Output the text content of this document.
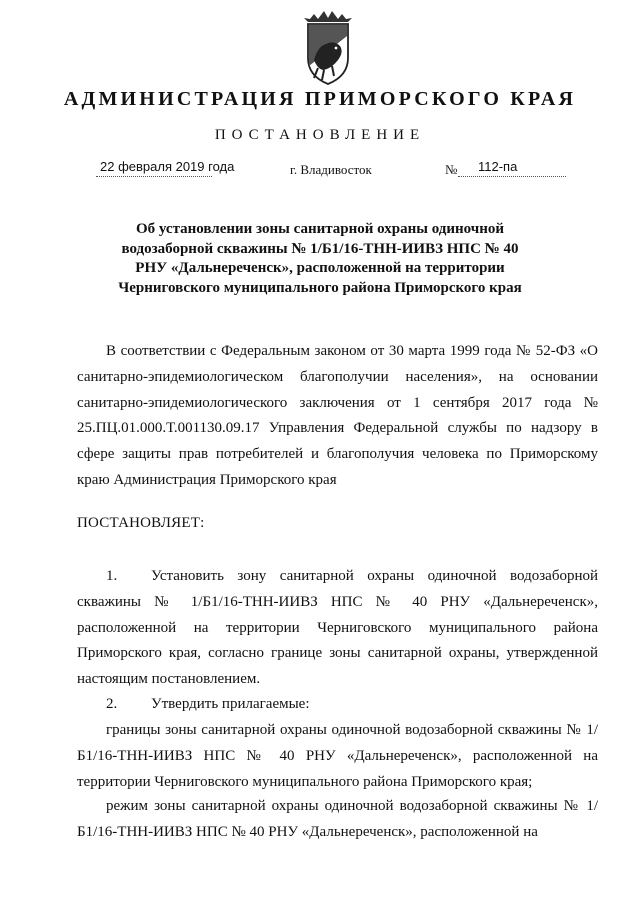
АДМИНИСТРАЦИЯ ПРИМОРСКОГО КРАЯ
ПОСТАНОВЛЕНИЕ
22 февраля 2019 года	г. Владивосток	№ 112-па
Об установлении зоны санитарной охраны одиночной водозаборной скважины № 1/Б1/16-ТНН-ИИВЗ НПС № 40 РНУ «Дальнереченск», расположенной на территории Черниговского муниципального района Приморского края
В соответствии с Федеральным законом от 30 марта 1999 года № 52-ФЗ «О санитарно-эпидемиологическом благополучии населения», на основании санитарно-эпидемиологического заключения от 1 сентября 2017 года № 25.ПЦ.01.000.Т.001130.09.17 Управления Федеральной службы по надзору в сфере защиты прав потребителей и благополучия человека по Приморскому краю Администрация Приморского края
ПОСТАНОВЛЯЕТ:
1. Установить зону санитарной охраны одиночной водозаборной скважины № 1/Б1/16-ТНН-ИИВЗ НПС № 40 РНУ «Дальнереченск», расположенной на территории Черниговского муниципального района Приморского края, согласно границе зоны санитарной охраны, утвержденной настоящим постановлением.
2. Утвердить прилагаемые:
границы зоны санитарной охраны одиночной водозаборной скважины № 1/Б1/16-ТНН-ИИВЗ НПС № 40 РНУ «Дальнереченск», расположенной на территории Черниговского муниципального района Приморского края;
режим зоны санитарной охраны одиночной водозаборной скважины № 1/Б1/16-ТНН-ИИВЗ НПС № 40 РНУ «Дальнереченск», расположенной на
